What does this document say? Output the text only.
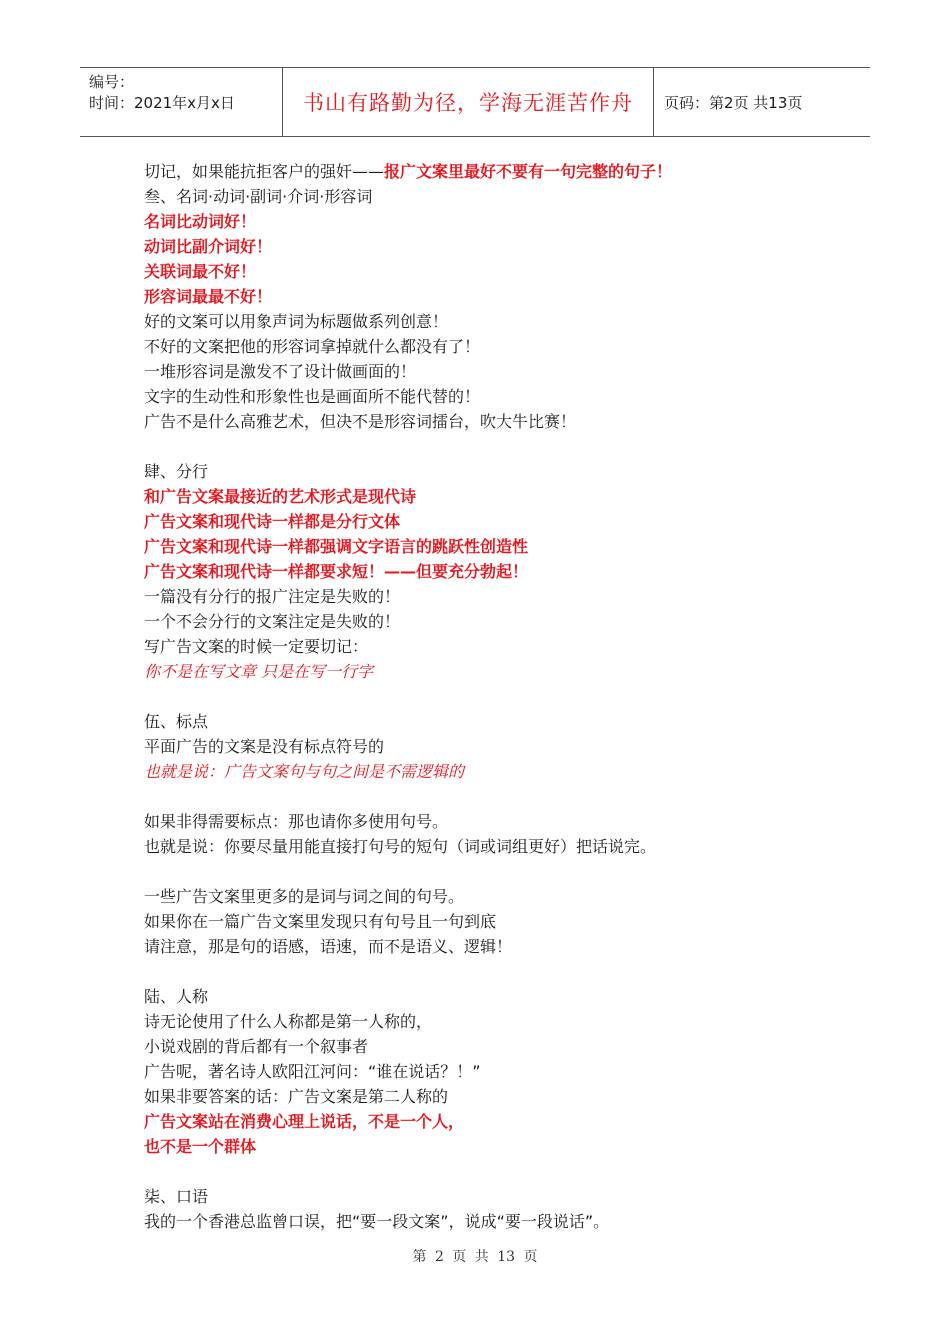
编号：
时间：2021年x月x日	书山有路勤为径，学海无涯苦作舟	页码：第2页 共13页
切记，如果能抗拒客户的强奸——报广文案里最好不要有一句完整的句子！
叁、名词·动词·副词·介词·形容词
名词比动词好！
动词比副介词好！
关联词最不好！
形容词最最不好！
好的文案可以用象声词为标题做系列创意！
不好的文案把他的形容词拿掉就什么都没有了！
一堆形容词是激发不了设计做画面的！
文字的生动性和形象性也是画面所不能代替的！
广告不是什么高雅艺术，但决不是形容词擂台，吹大牛比赛！
肆、分行
和广告文案最接近的艺术形式是现代诗
广告文案和现代诗一样都是分行文体
广告文案和现代诗一样都强调文字语言的跳跃性创造性
广告文案和现代诗一样都要求短！——但要充分勃起！
一篇没有分行的报广注定是失败的！
一个不会分行的文案注定是失败的！
写广告文案的时候一定要切记：
你不是在写文章 只是在写一行字
伍、标点
平面广告的文案是没有标点符号的
也就是说：广告文案句与句之间是不需逻辑的
如果非得需要标点：那也请你多使用句号。
也就是说：你要尽量用能直接打句号的短句（词或词组更好）把话说完。
一些广告文案里更多的是词与词之间的句号。
如果你在一篇广告文案里发现只有句号且一句到底
请注意，那是句的语感，语速，而不是语义、逻辑！
陆、人称
诗无论使用了什么人称都是第一人称的，
小说戏剧的背后都有一个叙事者
广告呢，著名诗人欧阳江河问：“谁在说话？！”
如果非要答案的话：广告文案是第二人称的
广告文案站在消费心理上说话，不是一个人，
也不是一个群体
柒、口语
我的一个香港总监曾口误，把“要一段文案”，说成“要一段说话”。
第 2 页 共 13 页
